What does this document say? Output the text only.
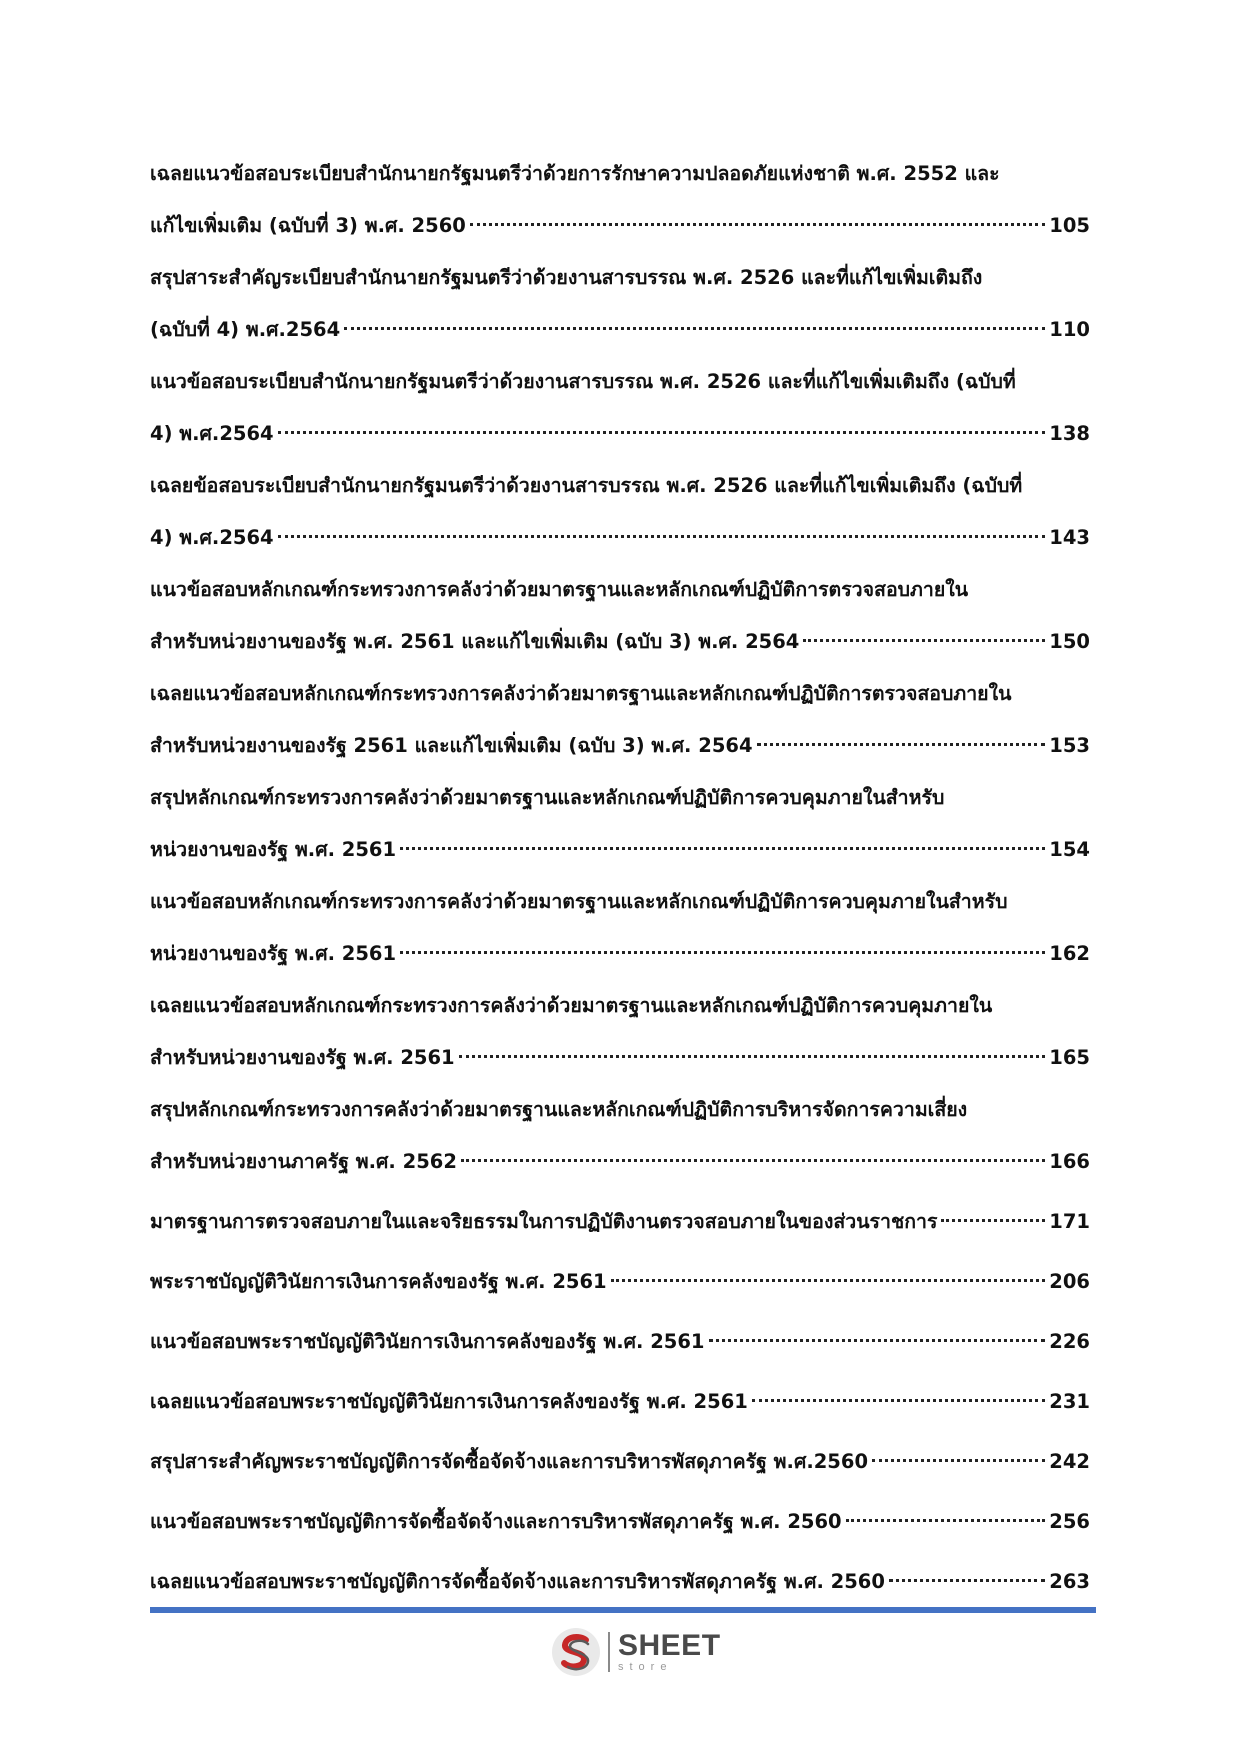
เฉลยแนวข้อสอบระเบียบสำนักนายกรัฐมนตรีว่าด้วยการรักษาความปลอดภัยแห่งชาติ พ.ศ. 2552 และ
แก้ไขเพิ่มเติม (ฉบับที่ 3) พ.ศ. 2560	105
สรุปสาระสำคัญระเบียบสำนักนายกรัฐมนตรีว่าด้วยงานสารบรรณ พ.ศ. 2526 และที่แก้ไขเพิ่มเติมถึง
(ฉบับที่ 4) พ.ศ.2564	110
แนวข้อสอบระเบียบสำนักนายกรัฐมนตรีว่าด้วยงานสารบรรณ พ.ศ. 2526 และที่แก้ไขเพิ่มเติมถึง (ฉบับที่
4) พ.ศ.2564	138
เฉลยข้อสอบระเบียบสำนักนายกรัฐมนตรีว่าด้วยงานสารบรรณ พ.ศ. 2526 และที่แก้ไขเพิ่มเติมถึง (ฉบับที่
4) พ.ศ.2564	143
แนวข้อสอบหลักเกณฑ์กระทรวงการคลังว่าด้วยมาตรฐานและหลักเกณฑ์ปฏิบัติการตรวจสอบภายใน
สำหรับหน่วยงานของรัฐ พ.ศ. 2561 และแก้ไขเพิ่มเติม (ฉบับ 3) พ.ศ. 2564	150
เฉลยแนวข้อสอบหลักเกณฑ์กระทรวงการคลังว่าด้วยมาตรฐานและหลักเกณฑ์ปฏิบัติการตรวจสอบภายใน
สำหรับหน่วยงานของรัฐ 2561 และแก้ไขเพิ่มเติม (ฉบับ 3) พ.ศ. 2564	153
สรุปหลักเกณฑ์กระทรวงการคลังว่าด้วยมาตรฐานและหลักเกณฑ์ปฏิบัติการควบคุมภายในสำหรับ
หน่วยงานของรัฐ พ.ศ. 2561	154
แนวข้อสอบหลักเกณฑ์กระทรวงการคลังว่าด้วยมาตรฐานและหลักเกณฑ์ปฏิบัติการควบคุมภายในสำหรับ
หน่วยงานของรัฐ พ.ศ. 2561	162
เฉลยแนวข้อสอบหลักเกณฑ์กระทรวงการคลังว่าด้วยมาตรฐานและหลักเกณฑ์ปฏิบัติการควบคุมภายใน
สำหรับหน่วยงานของรัฐ พ.ศ. 2561	165
สรุปหลักเกณฑ์กระทรวงการคลังว่าด้วยมาตรฐานและหลักเกณฑ์ปฏิบัติการบริหารจัดการความเสี่ยง
สำหรับหน่วยงานภาครัฐ พ.ศ. 2562	166
มาตรฐานการตรวจสอบภายในและจริยธรรมในการปฏิบัติงานตรวจสอบภายในของส่วนราชการ	171
พระราชบัญญัติวินัยการเงินการคลังของรัฐ พ.ศ. 2561	206
แนวข้อสอบพระราชบัญญัติวินัยการเงินการคลังของรัฐ พ.ศ. 2561	226
เฉลยแนวข้อสอบพระราชบัญญัติวินัยการเงินการคลังของรัฐ พ.ศ. 2561	231
สรุปสาระสำคัญพระราชบัญญัติการจัดซื้อจัดจ้างและการบริหารพัสดุภาครัฐ พ.ศ.2560	242
แนวข้อสอบพระราชบัญญัติการจัดซื้อจัดจ้างและการบริหารพัสดุภาครัฐ พ.ศ. 2560	256
เฉลยแนวข้อสอบพระราชบัญญัติการจัดซื้อจัดจ้างและการบริหารพัสดุภาครัฐ พ.ศ. 2560	263
SHEET
store
